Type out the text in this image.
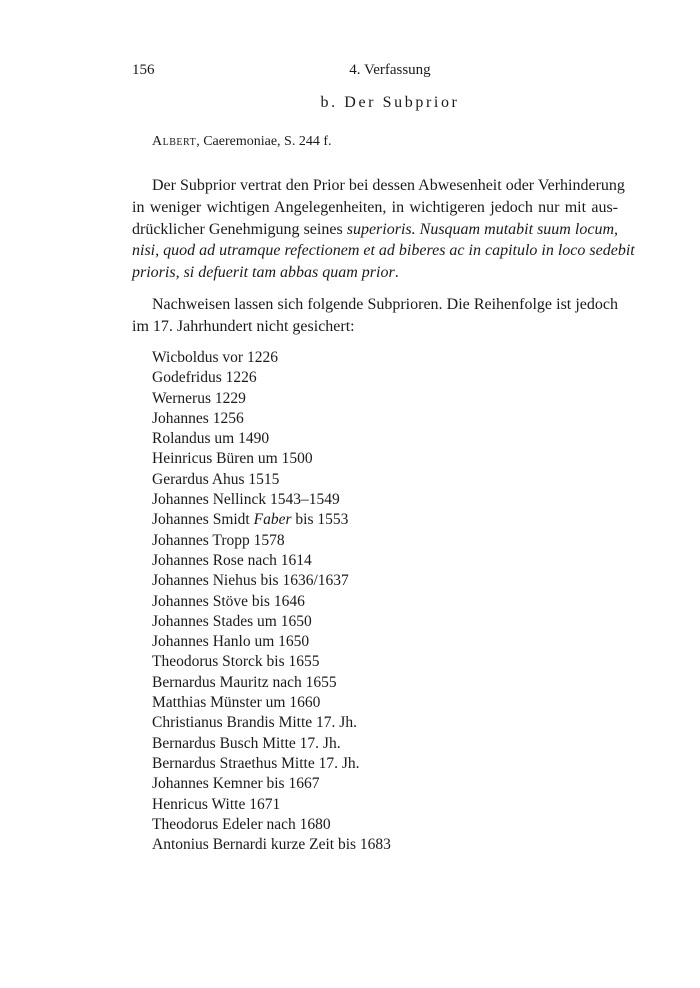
156	4. Verfassung
b. Der Subprior
Albert, Caeremoniae, S. 244 f.
Der Subprior vertrat den Prior bei dessen Abwesenheit oder Verhinderung
in weniger wichtigen Angelegenheiten, in wichtigeren jedoch nur mit aus-
drücklicher Genehmigung seines superioris. Nusquam mutabit suum locum,
nisi, quod ad utramque refectionem et ad biberes ac in capitulo in loco sedebit
prioris, si defuerit tam abbas quam prior.
Nachweisen lassen sich folgende Subprioren. Die Reihenfolge ist jedoch
im 17. Jahrhundert nicht gesichert:
Wicboldus vor 1226
Godefridus 1226
Wernerus 1229
Johannes 1256
Rolandus um 1490
Heinricus Büren um 1500
Gerardus Ahus 1515
Johannes Nellinck 1543–1549
Johannes Smidt Faber bis 1553
Johannes Tropp 1578
Johannes Rose nach 1614
Johannes Niehus bis 1636/1637
Johannes Stöve bis 1646
Johannes Stades um 1650
Johannes Hanlo um 1650
Theodorus Storck bis 1655
Bernardus Mauritz nach 1655
Matthias Münster um 1660
Christianus Brandis Mitte 17. Jh.
Bernardus Busch Mitte 17. Jh.
Bernardus Straethus Mitte 17. Jh.
Johannes Kemner bis 1667
Henricus Witte 1671
Theodorus Edeler nach 1680
Antonius Bernardi kurze Zeit bis 1683
